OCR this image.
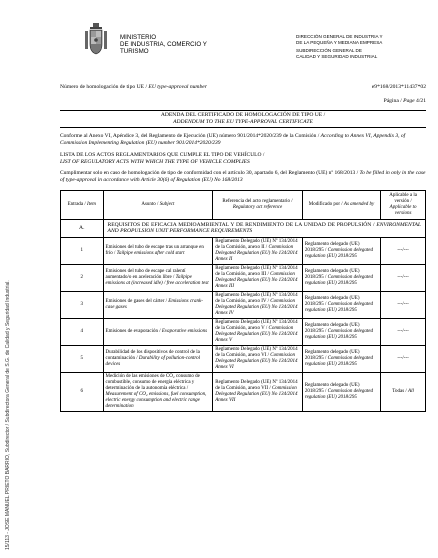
15/113 - JOSE MANUEL PRIETO BARRIO, Subdirector / Subdirectora General de S.G. de Calidad y Seguridad Industrial.
MINISTERIO
DE INDUSTRIA, COMERCIO Y
TURISMO
DIRECCIÓN GENERAL DE INDUSTRIA Y
DE LA PEQUEÑA Y MEDIANA EMPRESA
SUBDIRECCIÓN GENERAL DE
CALIDAD Y SEGURIDAD INDUSTRIAL
Número de homologación de tipo UE / EU type-approval number	e9*168/2013*11437*02
Página / Page 4/21
ADENDA DEL CERTIFICADO DE HOMOLOGACIÓN DE TIPO UE /
ADDENDUM TO THE EU TYPE-APPROVAL CERTIFICATE
Conforme al Anexo VI, Apéndice 3, del Reglamento de Ejecución (UE) número 901/2014*2020/239 de la Comisión / According to Annex VI, Appendix 3, of Commission Implementing Regulation (EU) number 901/2014*2020/239
LISTA DE LOS ACTOS REGLAMENTARIOS QUE CUMPLE EL TIPO DE VEHÍCULO /
LIST OF REGULATORY ACTS WITH WHICH THE TYPE OF VEHICLE COMPLIES
Cumplimentar solo en caso de homologación de tipo de conformidad con el artículo 30, apartado 6, del Reglamento (UE) nº 168/2013 / To be filled in only in the case of type-approval in accordance with Article 30(6) of Regulation (EU) No 168/2013
Entrada / Item	Asunto / Subject	Referencia del acto reglamentario / Regulatory act reference	Modificado por / As amended by	Aplicable a la versión / Applicable to versions
A.	REQUISITOS DE EFICACIA MEDIOAMBIENTAL Y DE RENDIMIENTO DE LA UNIDAD DE PROPULSIÓN / ENVIRONMENTAL AND PROPULSION UNIT PERFORMANCE REQUIREMENTS			
1	Emisiones del tubo de escape tras un arranque en frío / Tailpipe emissions after cold start	Reglamento Delegado (UE) Nº 134/2014 de la Comisión, anexo II / Commission Delegated Regulation (EU) No 134/2014 Annex II	Reglamento delegado (UE) 2018/295 / Commission delegated regulation (EU) 2018/295	---/---
2	Emisiones del tubo de escape cal ralentí aumentado/o en aceleración libre / Tailpipe emissions at (increased idle) / free acceleration test	Reglamento Delegado (UE) Nº 134/2014 de la Comisión, anexo III / Commission Delegated Regulation (EU) No 134/2014 Annex III	Reglamento delegado (UE) 2018/295 / Commission delegated regulation (EU) 2018/295	---/---
3	Emisiones de gases del cárter / Emissions crank-case gases	Reglamento Delegado (UE) Nº 134/2014 de la Comisión, anexo IV / Commission Delegated Regulation (EU) No 134/2014 Annex IV	Reglamento delegado (UE) 2018/295 / Commission delegated regulation (EU) 2018/295	---/---
4	Emisiones de evaporación / Evaporative emissions	Reglamento Delegado (UE) Nº 134/2014 de la Comisión, anexo V / Commission Delegated Regulation (EU) No 134/2014 Annex V	Reglamento delegado (UE) 2018/295 / Commission delegated regulation (EU) 2018/295	---/---
5	Durabilidad de los dispositivos de control de la contaminación / Durability of pollution-control devices	Reglamento Delegado (UE) Nº 134/2014 de la Comisión, anexo VI / Commission Delegated Regulation (EU) No 134/2014 Annex VI	Reglamento delegado (UE) 2018/295 / Commission delegated regulation (EU) 2018/295	---/---
6	Medición de las emisiones de CO₂ consumo de combustible, consumo de energía eléctrica y determinación de la autonomía eléctrica / Measurement of CO₂ emissions, fuel consumption, electric energy consumption and electric range determination	Reglamento Delegado (UE) Nº 134/2014 de la Comisión, anexo VII / Commission Delegated Regulation (EU) No 134/2014 Annex VII	Reglamento delegado (UE) 2018/295 / Commission delegated regulation (EU) 2018/295	Todas / All
